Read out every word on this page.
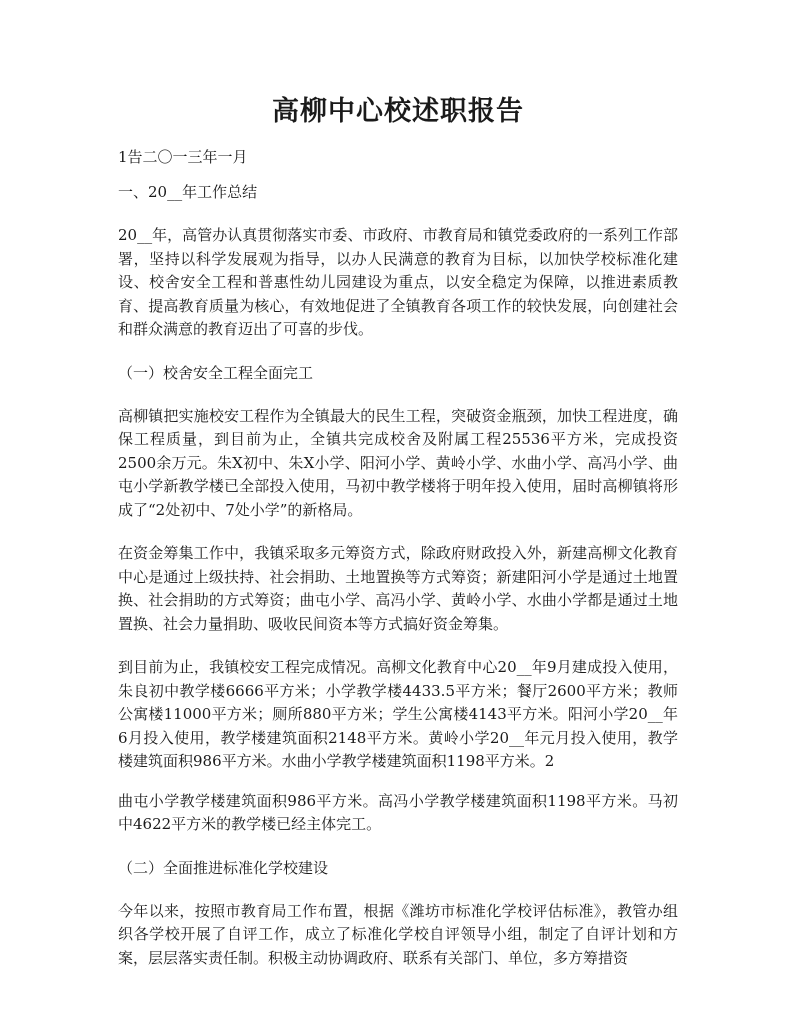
高柳中心校述职报告

1告二〇一三年一月

一、20__年工作总结

20__年，高管办认真贯彻落实市委、市政府、市教育局和镇党委政府的一系列工作部署，坚持以科学发展观为指导，以办人民满意的教育为目标，以加快学校标准化建设、校舍安全工程和普惠性幼儿园建设为重点，以安全稳定为保障，以推进素质教育、提高教育质量为核心，有效地促进了全镇教育各项工作的较快发展，向创建社会和群众满意的教育迈出了可喜的步伐。

（一）校舍安全工程全面完工

高柳镇把实施校安工程作为全镇最大的民生工程，突破资金瓶颈，加快工程进度，确保工程质量，到目前为止，全镇共完成校舍及附属工程25536平方米，完成投资2500余万元。朱X初中、朱X小学、阳河小学、黄岭小学、水曲小学、高冯小学、曲屯小学新教学楼已全部投入使用，马初中教学楼将于明年投入使用，届时高柳镇将形成了“2处初中、7处小学”的新格局。

在资金筹集工作中，我镇采取多元筹资方式，除政府财政投入外，新建高柳文化教育中心是通过上级扶持、社会捐助、土地置换等方式筹资；新建阳河小学是通过土地置换、社会捐助的方式筹资；曲屯小学、高冯小学、黄岭小学、水曲小学都是通过土地置换、社会力量捐助、吸收民间资本等方式搞好资金筹集。

到目前为止，我镇校安工程完成情况。高柳文化教育中心20__年9月建成投入使用，朱良初中教学楼6666平方米；小学教学楼4433.5平方米；餐厅2600平方米；教师公寓楼11000平方米；厕所880平方米；学生公寓楼4143平方米。阳河小学20__年6月投入使用，教学楼建筑面积2148平方米。黄岭小学20__年元月投入使用，教学楼建筑面积986平方米。水曲小学教学楼建筑面积1198平方米。2

曲屯小学教学楼建筑面积986平方米。高冯小学教学楼建筑面积1198平方米。马初中4622平方米的教学楼已经主体完工。

（二）全面推进标准化学校建设

今年以来，按照市教育局工作布置，根据《潍坊市标准化学校评估标准》，教管办组织各学校开展了自评工作，成立了标准化学校自评领导小组，制定了自评计划和方案，层层落实责任制。积极主动协调政府、联系有关部门、单位，多方筹措资
